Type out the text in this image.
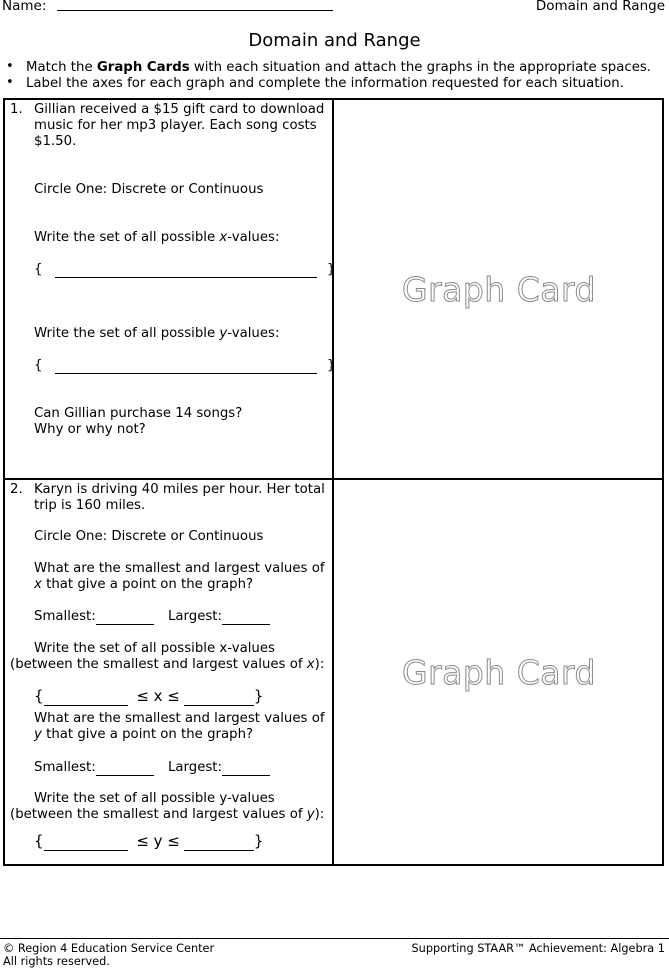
Name:	Domain and Range
Domain and Range
• Match the Graph Cards with each situation and attach the graphs in the appropriate spaces.
• Label the axes for each graph and complete the information requested for each situation.
1. Gillian received a $15 gift card to download
music for her mp3 player. Each song costs
$1.50.
Circle One: Discrete or Continuous
Write the set of all possible x-values:
{	}
Write the set of all possible y-values:
{	}
Can Gillian purchase 14 songs?
Why or why not?
Graph Card
2. Karyn is driving 40 miles per hour. Her total
trip is 160 miles.
Circle One: Discrete or Continuous
What are the smallest and largest values of
x that give a point on the graph?
Smallest:	Largest:
Write the set of all possible x-values
(between the smallest and largest values of x):
{	≤ x ≤	}
What are the smallest and largest values of
y that give a point on the graph?
Smallest:	Largest:
Write the set of all possible y-values
(between the smallest and largest values of y):
{	≤ y ≤	}
Graph Card
© Region 4 Education Service Center
All rights reserved.
Supporting STAAR™ Achievement: Algebra 1
